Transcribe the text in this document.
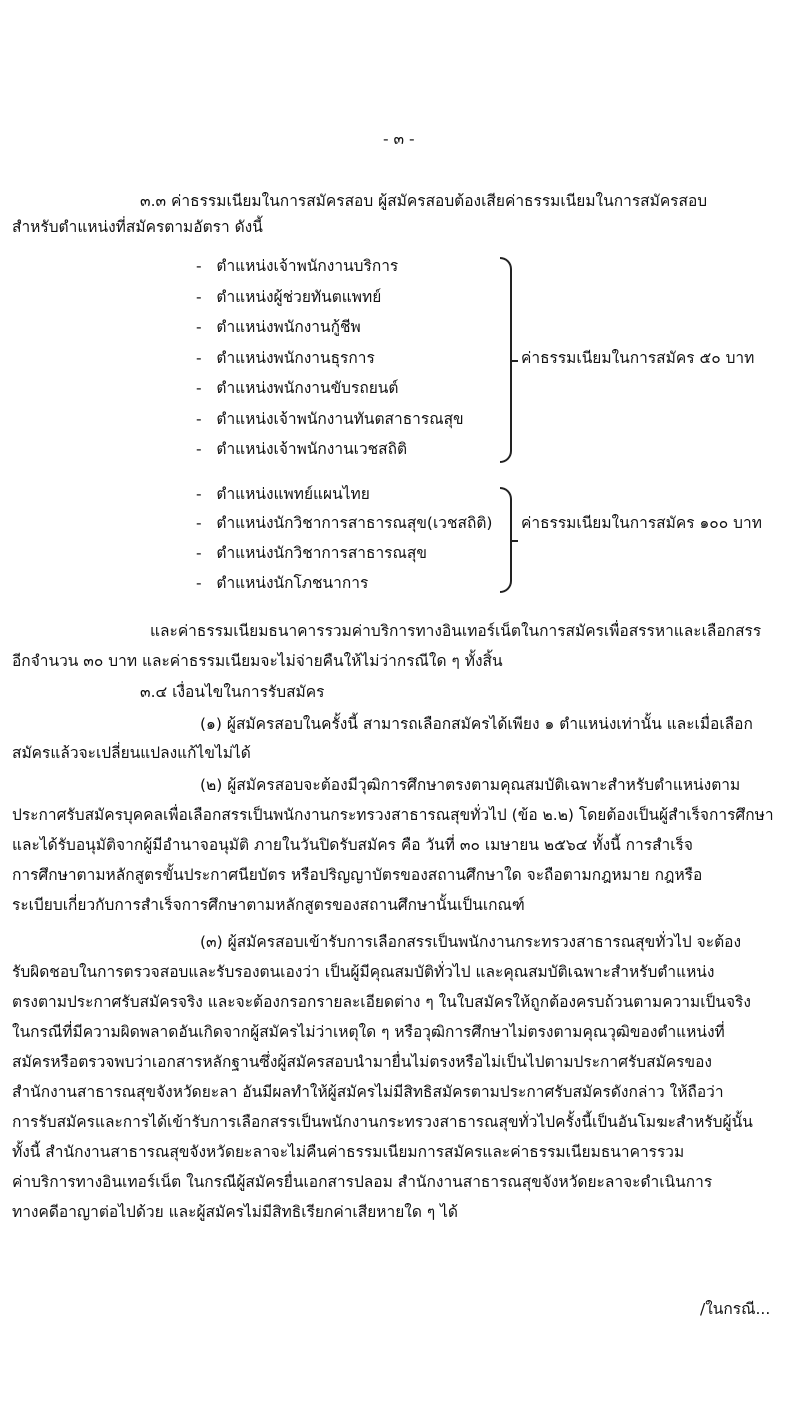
- ๓ -
๓.๓ ค่าธรรมเนียมในการสมัครสอบ ผู้สมัครสอบต้องเสียค่าธรรมเนียมในการสมัครสอบ
สำหรับตำแหน่งที่สมัครตามอัตรา ดังนี้
-   ตำแหน่งเจ้าพนักงานบริการ
-   ตำแหน่งผู้ช่วยทันตแพทย์
-   ตำแหน่งพนักงานกู้ชีพ
-   ตำแหน่งพนักงานธุรการ
-   ตำแหน่งพนักงานขับรถยนต์
-   ตำแหน่งเจ้าพนักงานทันตสาธารณสุข
-   ตำแหน่งเจ้าพนักงานเวชสถิติ
ค่าธรรมเนียมในการสมัคร ๕๐ บาท
-   ตำแหน่งแพทย์แผนไทย
-   ตำแหน่งนักวิชาการสาธารณสุข(เวชสถิติ)
-   ตำแหน่งนักวิชาการสาธารณสุข
-   ตำแหน่งนักโภชนาการ
ค่าธรรมเนียมในการสมัคร ๑๐๐ บาท
และค่าธรรมเนียมธนาคารรวมค่าบริการทางอินเทอร์เน็ตในการสมัครเพื่อสรรหาและเลือกสรร
อีกจำนวน ๓๐ บาท และค่าธรรมเนียมจะไม่จ่ายคืนให้ไม่ว่ากรณีใด ๆ ทั้งสิ้น
๓.๔ เงื่อนไขในการรับสมัคร
(๑) ผู้สมัครสอบในครั้งนี้ สามารถเลือกสมัครได้เพียง ๑ ตำแหน่งเท่านั้น และเมื่อเลือก
สมัครแล้วจะเปลี่ยนแปลงแก้ไขไม่ได้
(๒) ผู้สมัครสอบจะต้องมีวุฒิการศึกษาตรงตามคุณสมบัติเฉพาะสำหรับตำแหน่งตาม
ประกาศรับสมัครบุคคลเพื่อเลือกสรรเป็นพนักงานกระทรวงสาธารณสุขทั่วไป (ข้อ ๒.๒) โดยต้องเป็นผู้สำเร็จการศึกษา
และได้รับอนุมัติจากผู้มีอำนาจอนุมัติ ภายในวันปิดรับสมัคร คือ วันที่ ๓๐ เมษายน ๒๕๖๔ ทั้งนี้ การสำเร็จ
การศึกษาตามหลักสูตรขั้นประกาศนียบัตร หรือปริญญาบัตรของสถานศึกษาใด จะถือตามกฎหมาย กฎหรือ
ระเบียบเกี่ยวกับการสำเร็จการศึกษาตามหลักสูตรของสถานศึกษานั้นเป็นเกณฑ์
(๓) ผู้สมัครสอบเข้ารับการเลือกสรรเป็นพนักงานกระทรวงสาธารณสุขทั่วไป จะต้อง
รับผิดชอบในการตรวจสอบและรับรองตนเองว่า เป็นผู้มีคุณสมบัติทั่วไป และคุณสมบัติเฉพาะสำหรับตำแหน่ง
ตรงตามประกาศรับสมัครจริง และจะต้องกรอกรายละเอียดต่าง ๆ ในใบสมัครให้ถูกต้องครบถ้วนตามความเป็นจริง
ในกรณีที่มีความผิดพลาดอันเกิดจากผู้สมัครไม่ว่าเหตุใด ๆ หรือวุฒิการศึกษาไม่ตรงตามคุณวุฒิของตำแหน่งที่
สมัครหรือตรวจพบว่าเอกสารหลักฐานซึ่งผู้สมัครสอบนำมายื่นไม่ตรงหรือไม่เป็นไปตามประกาศรับสมัครของ
สำนักงานสาธารณสุขจังหวัดยะลา อันมีผลทำให้ผู้สมัครไม่มีสิทธิสมัครตามประกาศรับสมัครดังกล่าว ให้ถือว่า
การรับสมัครและการได้เข้ารับการเลือกสรรเป็นพนักงานกระทรวงสาธารณสุขทั่วไปครั้งนี้เป็นอันโมฆะสำหรับผู้นั้น
ทั้งนี้ สำนักงานสาธารณสุขจังหวัดยะลาจะไม่คืนค่าธรรมเนียมการสมัครและค่าธรรมเนียมธนาคารรวม
ค่าบริการทางอินเทอร์เน็ต ในกรณีผู้สมัครยื่นเอกสารปลอม สำนักงานสาธารณสุขจังหวัดยะลาจะดำเนินการ
ทางคดีอาญาต่อไปด้วย และผู้สมัครไม่มีสิทธิเรียกค่าเสียหายใด ๆ ได้
/ในกรณี...
